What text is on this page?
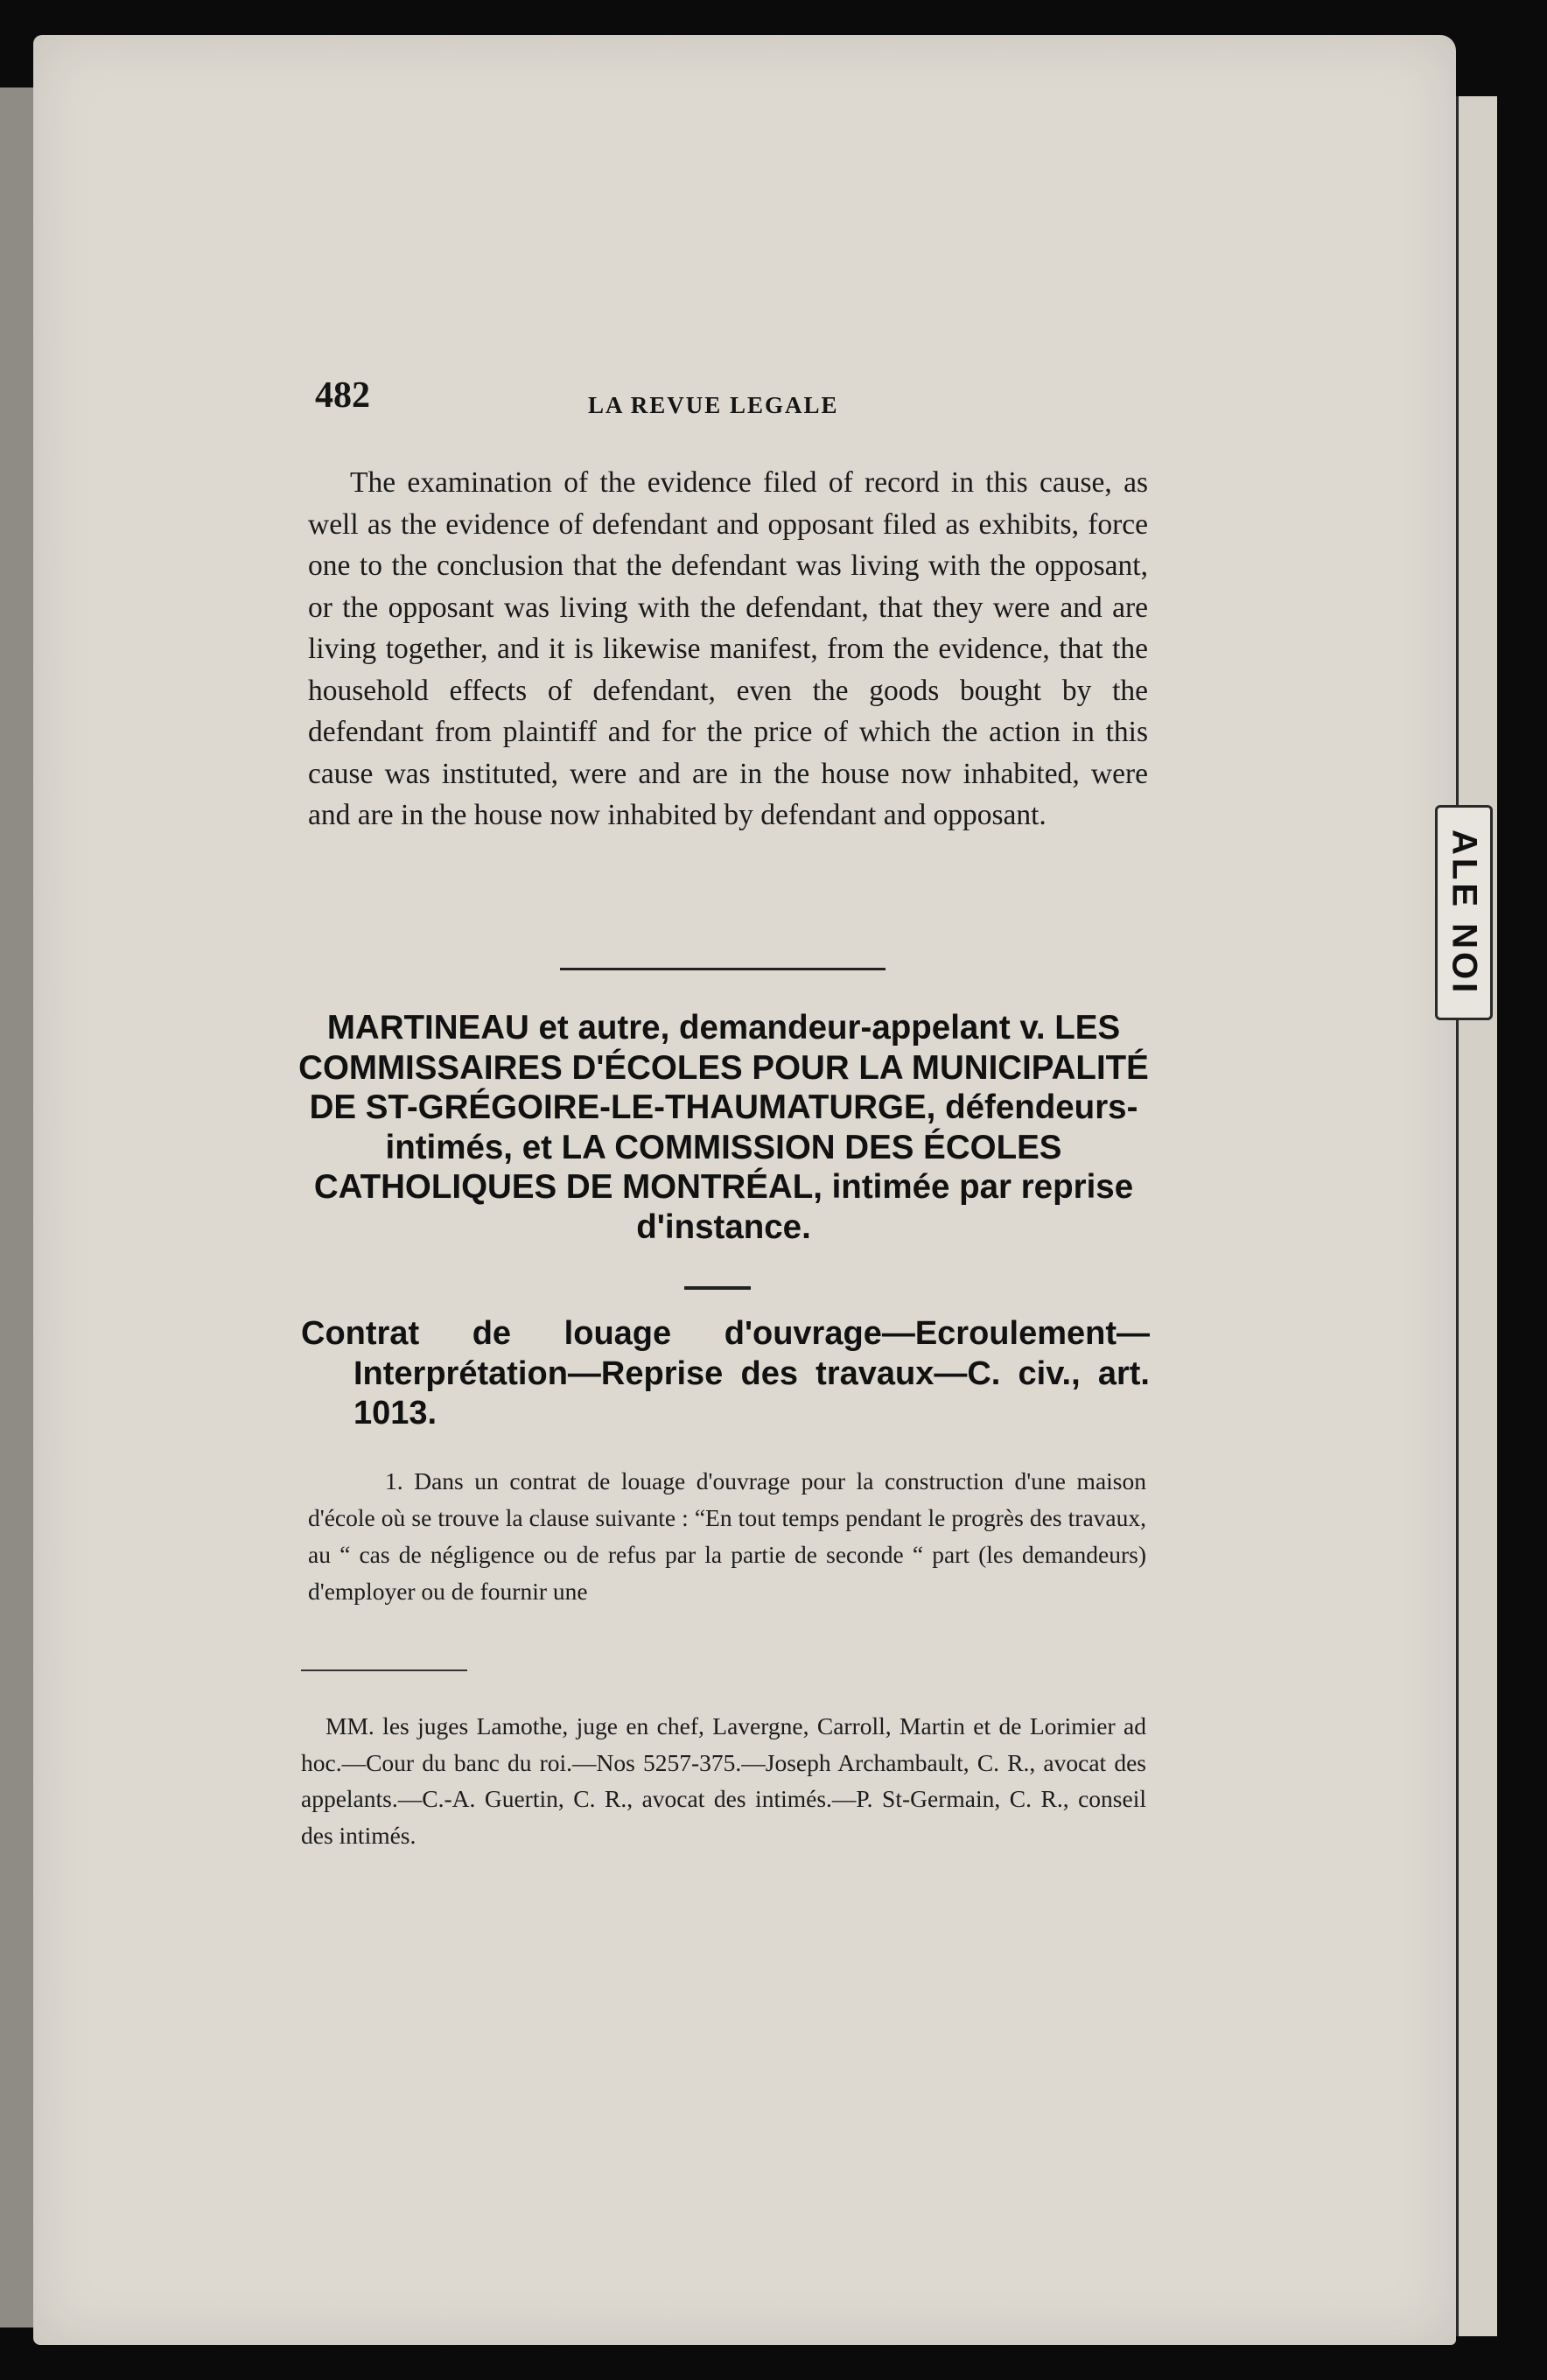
ALE NOI
482	LA REVUE LEGALE
The examination of the evidence filed of record in this cause, as well as the evidence of defendant and opposant filed as exhibits, force one to the conclusion that the defendant was living with the opposant, or the opposant was living with the defendant, that they were and are living together, and it is likewise manifest, from the evidence, that the household effects of defendant, even the goods bought by the defendant from plaintiff and for the price of which the action in this cause was instituted, were and are in the house now inhabited, were and are in the house now inhabited by defendant and opposant.
MARTINEAU et autre, demandeur-appelant v. LES COMMISSAIRES D'ÉCOLES POUR LA MUNICIPALITÉ DE ST-GRÉGOIRE-LE-THAUMATURGE, défendeurs-intimés, et LA COMMISSION DES ÉCOLES CATHOLIQUES DE MONTRÉAL, intimée par reprise d'instance.
Contrat de louage d'ouvrage—Ecroulement—Interprétation—Reprise des travaux—C. civ., art. 1013.
1. Dans un contrat de louage d'ouvrage pour la construction d'une maison d'école où se trouve la clause suivante : “En tout temps pendant le progrès des travaux, au “ cas de négligence ou de refus par la partie de seconde “ part (les demandeurs) d'employer ou de fournir une
MM. les juges Lamothe, juge en chef, Lavergne, Carroll, Martin et de Lorimier ad hoc.—Cour du banc du roi.—Nos 5257-375.—Joseph Archambault, C. R., avocat des appelants.—C.-A. Guertin, C. R., avocat des intimés.—P. St-Germain, C. R., conseil des intimés.
